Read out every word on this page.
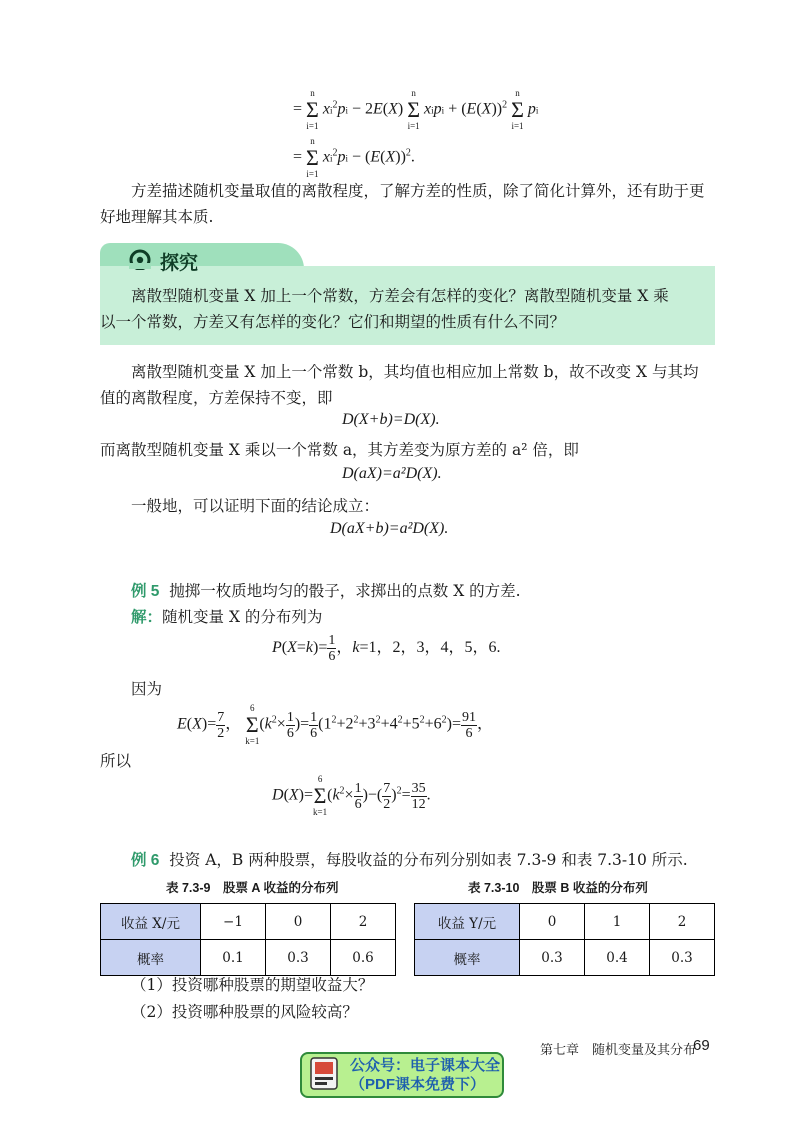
=
n
Σ
i=1
$xi^2pi - 2E(X)$
n
Σ
i=1
xipi + $(E(X))^2$
n
Σ
i=1
pi
=
n
Σ
i=1
$xi^2pi - (E(X))^2$.
方差描述随机变量取值的离散程度，了解方差的性质，除了简化计算外，还有助于更好地理解其本质.
探究
离散型随机变量 X 加上一个常数，方差会有怎样的变化？离散型随机变量 X 乘
以一个常数，方差又有怎样的变化？它们和期望的性质有什么不同？
离散型随机变量 X 加上一个常数 b，其均值也相应加上常数 b，故不改变 X 与其均
值的离散程度，方差保持不变，即
D(X+b)=D(X).
而离散型随机变量 X 乘以一个常数 a，其方差变为原方差的 a² 倍，即
D(aX)=a²D(X).
一般地，可以证明下面的结论成立：
D(aX+b)=a²D(X).
例 5 抛掷一枚质地均匀的骰子，求掷出的点数 X 的方差.
解：随机变量 X 的分布列为
$P(X=k)= \frac{1}{6}$ ，k=1，2，3，4，5，6.
因为
$E(X)= \frac{7}{2}$ ，
6
Σ
k=1
($k^2\times \frac{1}{6}$ )= $\frac{1}{6} (1^2+2^2+3^2+4^2+5^2+6^2)= \frac{91}{6}$ ，
所以
D(X)=
6
Σ
k=1
($k^2\times \frac{1}{6}$ )−( $\frac{7}{2} )^2= \frac{35}{12}$ .
例 6 投资 A，B 两种股票，每股收益的分布列分别如表 7.3-9 和表 7.3-10 所示.
表 7.3-9　股票 A 收益的分布列
收益 X/元	−1	0	2
概率	0.1	0.3	0.6
表 7.3-10　股票 B 收益的分布列
收益 Y/元	0	1	2
概率	0.3	0.4	0.3
（1）投资哪种股票的期望收益大？
（2）投资哪种股票的风险较高？
第七章　随机变量及其分布
69
公众号：电子课本大全
（PDF课本免费下）
